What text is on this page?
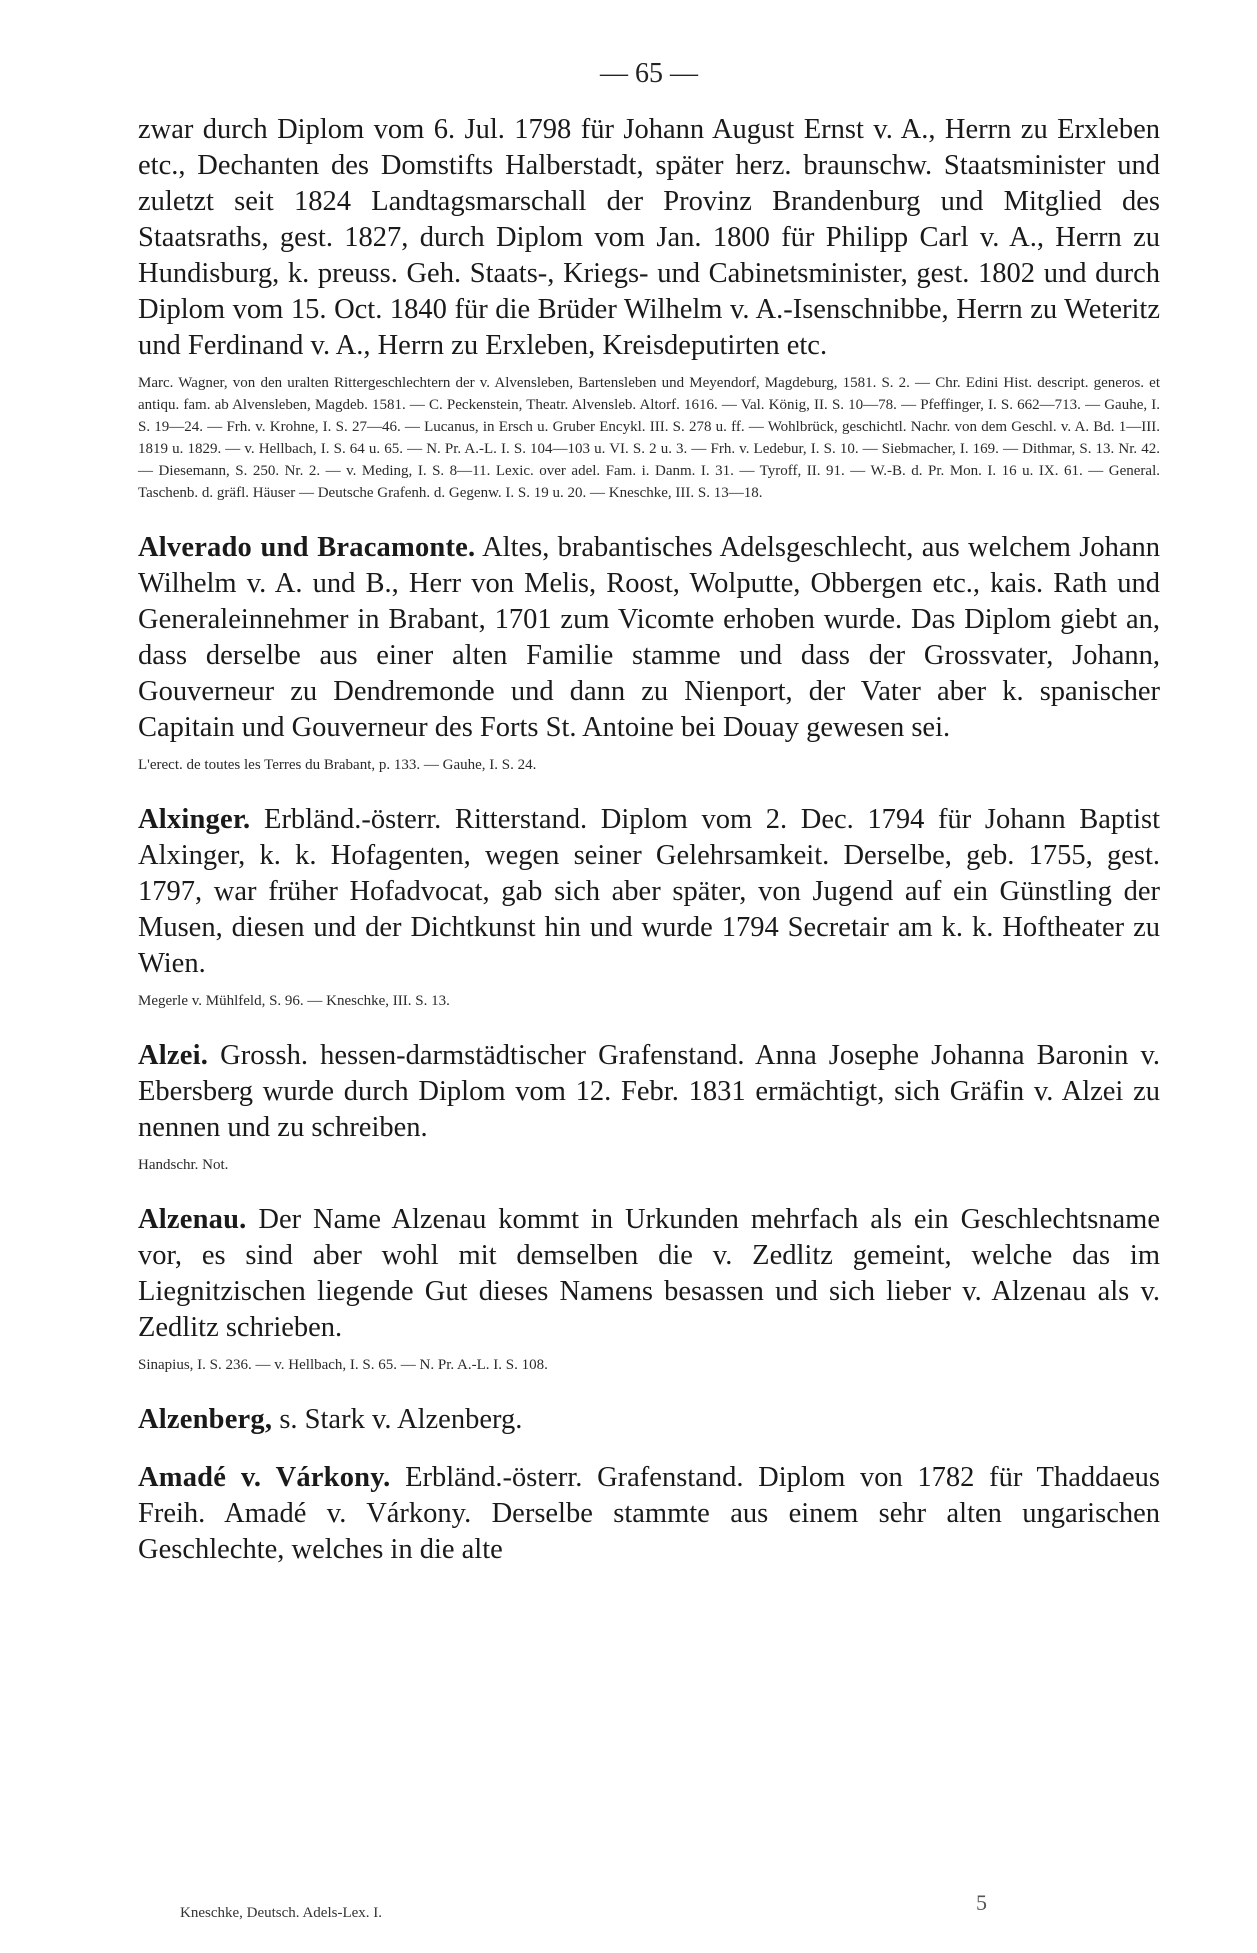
— 65 —

zwar durch Diplom vom 6. Jul. 1798 für Johann August Ernst v. A., Herrn zu Erxleben etc., Dechanten des Domstifts Halberstadt, später herz. braunschw. Staatsminister und zuletzt seit 1824 Landtagsmarschall der Provinz Brandenburg und Mitglied des Staatsraths, gest. 1827, durch Diplom vom Jan. 1800 für Philipp Carl v. A., Herrn zu Hundisburg, k. preuss. Geh. Staats-, Kriegs- und Cabinetsminister, gest. 1802 und durch Diplom vom 15. Oct. 1840 für die Brüder Wilhelm v. A.-Isenschnibbe, Herrn zu Weteritz und Ferdinand v. A., Herrn zu Erxleben, Kreisdeputirten etc.

Marc. Wagner, von den uralten Rittergeschlechtern der v. Alvensleben, Bartensleben und Meyendorf, Magdeburg, 1581. S. 2. — Chr. Edini Hist. descript. generos. et antiqu. fam. ab Alvensleben, Magdeb. 1581. — C. Peckenstein, Theatr. Alvensleb. Altorf. 1616. — Val. König, II. S. 10—78. — Pfeffinger, I. S. 662—713. — Gauhe, I. S. 19—24. — Frh. v. Krohne, I. S. 27—46. — Lucanus, in Ersch u. Gruber Encykl. III. S. 278 u. ff. — Wohlbrück, geschichtl. Nachr. von dem Geschl. v. A. Bd. 1—III. 1819 u. 1829. — v. Hellbach, I. S. 64 u. 65. — N. Pr. A.-L. I. S. 104—103 u. VI. S. 2 u. 3. — Frh. v. Ledebur, I. S. 10. — Siebmacher, I. 169. — Dithmar, S. 13. Nr. 42. — Diesemann, S. 250. Nr. 2. — v. Meding, I. S. 8—11. Lexic. over adel. Fam. i. Danm. I. 31. — Tyroff, II. 91. — W.-B. d. Pr. Mon. I. 16 u. IX. 61. — General. Taschenb. d. gräfl. Häuser — Deutsche Grafenh. d. Gegenw. I. S. 19 u. 20. — Kneschke, III. S. 13—18.

Alverado und Bracamonte. Altes, brabantisches Adelsgeschlecht, aus welchem Johann Wilhelm v. A. und B., Herr von Melis, Roost, Wolputte, Obbergen etc., kais. Rath und Generaleinnehmer in Brabant, 1701 zum Vicomte erhoben wurde. Das Diplom giebt an, dass derselbe aus einer alten Familie stamme und dass der Grossvater, Johann, Gouverneur zu Dendremonde und dann zu Nienport, der Vater aber k. spanischer Capitain und Gouverneur des Forts St. Antoine bei Douay gewesen sei.

L'erect. de toutes les Terres du Brabant, p. 133. — Gauhe, I. S. 24.

Alxinger. Erbländ.-österr. Ritterstand. Diplom vom 2. Dec. 1794 für Johann Baptist Alxinger, k. k. Hofagenten, wegen seiner Gelehrsamkeit. Derselbe, geb. 1755, gest. 1797, war früher Hofadvocat, gab sich aber später, von Jugend auf ein Günstling der Musen, diesen und der Dichtkunst hin und wurde 1794 Secretair am k. k. Hoftheater zu Wien.

Megerle v. Mühlfeld, S. 96. — Kneschke, III. S. 13.

Alzei. Grossh. hessen-darmstädtischer Grafenstand. Anna Josephe Johanna Baronin v. Ebersberg wurde durch Diplom vom 12. Febr. 1831 ermächtigt, sich Gräfin v. Alzei zu nennen und zu schreiben.

Handschr. Not.

Alzenau. Der Name Alzenau kommt in Urkunden mehrfach als ein Geschlechtsname vor, es sind aber wohl mit demselben die v. Zedlitz gemeint, welche das im Liegnitzischen liegende Gut dieses Namens besassen und sich lieber v. Alzenau als v. Zedlitz schrieben.

Sinapius, I. S. 236. — v. Hellbach, I. S. 65. — N. Pr. A.-L. I. S. 108.

Alzenberg, s. Stark v. Alzenberg.

Amadé v. Várkony. Erbländ.-österr. Grafenstand. Diplom von 1782 für Thaddaeus Freih. Amadé v. Várkony. Derselbe stammte aus einem sehr alten ungarischen Geschlechte, welches in die alte

Kneschke, Deutsch. Adels-Lex. I.	5
